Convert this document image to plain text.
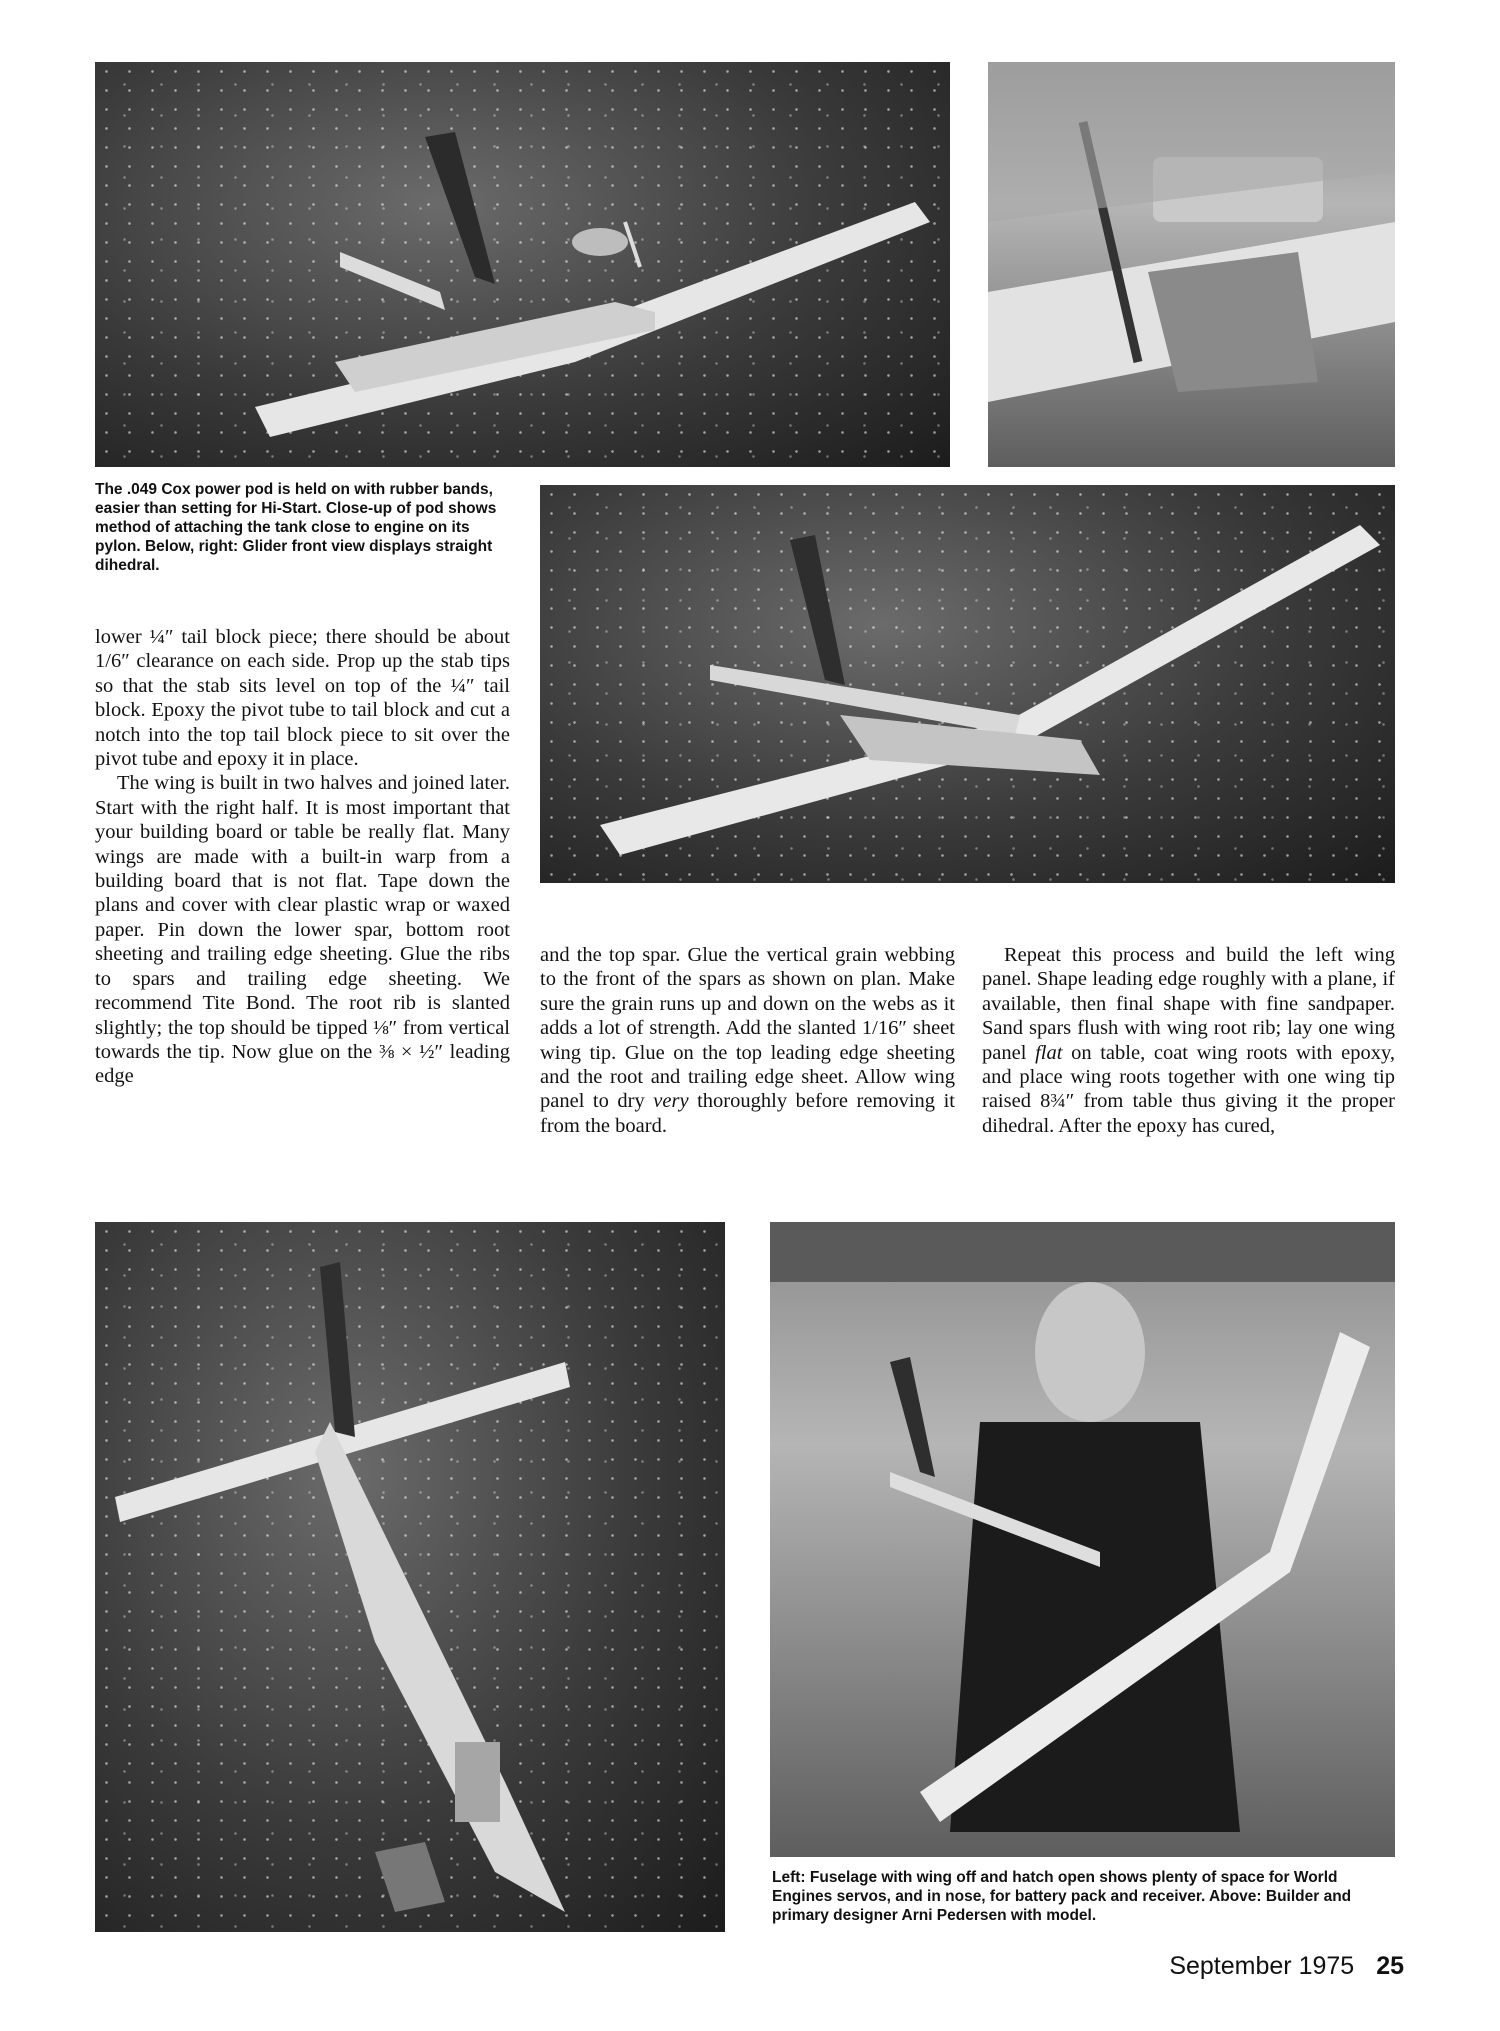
The .049 Cox power pod is held on with rubber bands, easier than setting for Hi-Start. Close-up of pod shows method of attaching the tank close to engine on its pylon. Below, right: Glider front view displays straight dihedral.

lower ¼″ tail block piece; there should be about 1/6″ clearance on each side. Prop up the stab tips so that the stab sits level on top of the ¼″ tail block. Epoxy the pivot tube to tail block and cut a notch into the top tail block piece to sit over the pivot tube and epoxy it in place.

The wing is built in two halves and joined later. Start with the right half. It is most important that your building board or table be really flat. Many wings are made with a built-in warp from a building board that is not flat. Tape down the plans and cover with clear plastic wrap or waxed paper. Pin down the lower spar, bottom root sheeting and trailing edge sheeting. Glue the ribs to spars and trailing edge sheeting. We recommend Tite Bond. The root rib is slanted slightly; the top should be tipped ⅛″ from vertical towards the tip. Now glue on the ⅜ × ½″ leading edge

and the top spar. Glue the vertical grain webbing to the front of the spars as shown on plan. Make sure the grain runs up and down on the webs as it adds a lot of strength. Add the slanted 1/16″ sheet wing tip. Glue on the top leading edge sheeting and the root and trailing edge sheet. Allow wing panel to dry very thoroughly before removing it from the board.

Repeat this process and build the left wing panel. Shape leading edge roughly with a plane, if available, then final shape with fine sandpaper. Sand spars flush with wing root rib; lay one wing panel flat on table, coat wing roots with epoxy, and place wing roots together with one wing tip raised 8¾″ from table thus giving it the proper dihedral. After the epoxy has cured,

Left: Fuselage with wing off and hatch open shows plenty of space for World Engines servos, and in nose, for battery pack and receiver. Above: Builder and primary designer Arni Pedersen with model.
September 1975 25
